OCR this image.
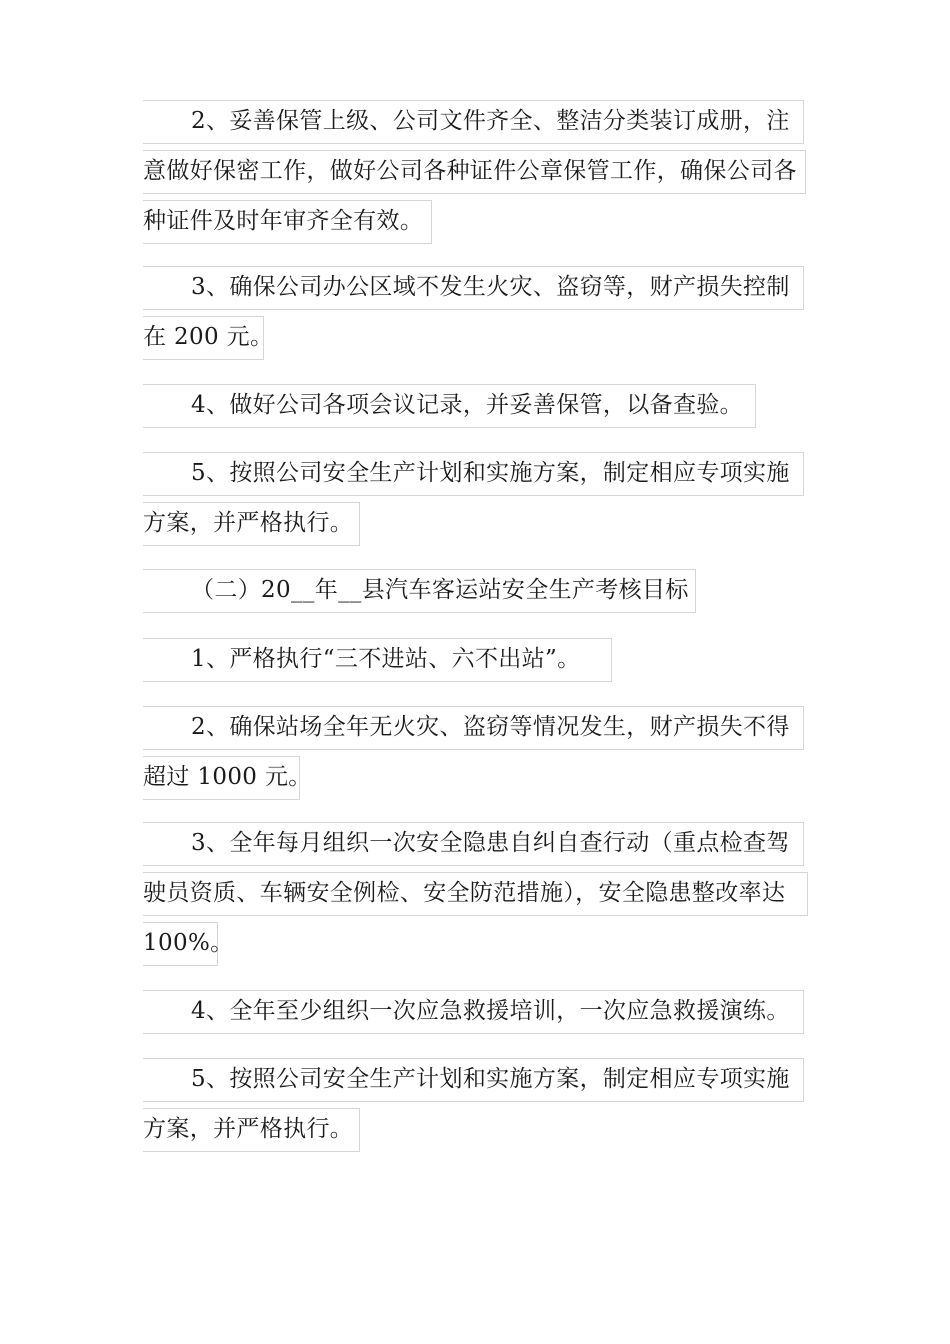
2、妥善保管上级、公司文件齐全、整洁分类装订成册，注
意做好保密工作，做好公司各种证件公章保管工作，确保公司各
种证件及时年审齐全有效。
3、确保公司办公区域不发生火灾、盗窃等，财产损失控制
在 200 元。
4、做好公司各项会议记录，并妥善保管，以备查验。
5、按照公司安全生产计划和实施方案，制定相应专项实施
方案，并严格执行。
（二）20__年__县汽车客运站安全生产考核目标
1、严格执行“三不进站、六不出站”。
2、确保站场全年无火灾、盗窃等情况发生，财产损失不得
超过 1000 元。
3、全年每月组织一次安全隐患自纠自查行动（重点检查驾
驶员资质、车辆安全例检、安全防范措施），安全隐患整改率达
100%。
4、全年至少组织一次应急救援培训，一次应急救援演练。
5、按照公司安全生产计划和实施方案，制定相应专项实施
方案，并严格执行。
